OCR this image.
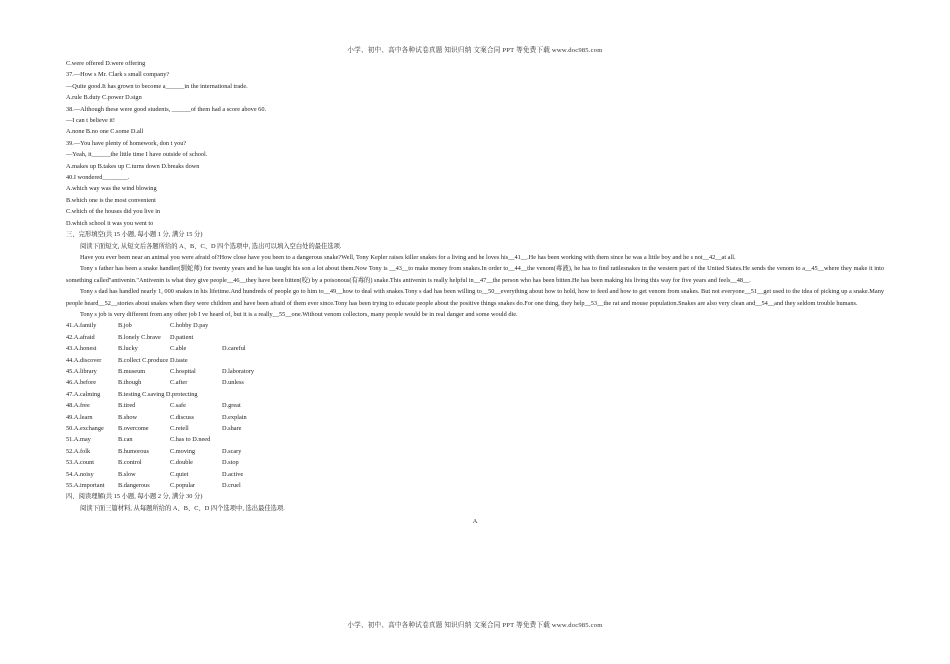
小学、初中、高中各种试卷真题 知识归纳 文案合同 PPT 等免费下载 www.doc985.com
C.were offered D.were offering
37.—How s Mr. Clark s small company?
—Quite good.It has grown to become a______in the international trade.
A.rule B.duty C.power D.sign
38.—Although these were good students, ______of them had a score above 60.
—I can t believe it!
A.none B.no one C.some D.all
39.—You have plenty of homework, don t you?
—Yeah, it______the little time I have outside of school.
A.makes up B.takes up C.turns down D.breaks down
40.I wondered________.
A.which way was the wind blowing
B.which one is the most convenient
C.which of the houses did you live in
D.which school it was you went to
三、完形填空(共 15 小题, 每小题 1 分, 满分 15 分)
阅读下面短文, 从短文后各题所给的 A、B、C、D 四个选项中, 选出可以填入空白处的最佳选项.
Have you ever been near an animal you were afraid of?How close have you been to a dangerous snake?Well, Tony Kepler raises killer snakes for a living and he loves his__41__.He has been working with them since he was a little boy and he s not__42__at all.
Tony s father has been a snake handler(驯蛇师) for twenty years and he has taught his son a lot about them.Now Tony is __43__to make money from snakes.In order to__44__the venom(毒液), he has to find rattlesnakes in the western part of the United States.He sends the venom to a__45__where they make it into something called"antivenin."Antivenin is what they give people__46__they have been bitten(咬) by a poisonous(有毒的) snake.This antivenin is really helpful in__47__the person who has been bitten.He has been making his living this way for five years and feels__48__.
Tony s dad has handled nearly 1, 000 snakes in his lifetime.And hundreds of people go to him to__49__how to deal with snakes.Tony s dad has been willing to__50__everything about how to hold, how to feed and how to get venom from snakes. But not everyone__51__get used to the idea of picking up a snake.Many people heard__52__stories about snakes when they were children and have been afraid of them ever since.Tony has been trying to educate people about the positive things snakes do.For one thing, they help__53__the rat and mouse population.Snakes are also very clean and__54__and they seldom trouble humans.
Tony s job is very different from any other job I ve heard of, but it is a really__55__one.Without venom collectors, many people would be in real danger and some would die.
41.A.family	B.job	C.hobby D.pay
42.A.afraid	B.lonely C.brave D.patient
43.A.honest	B.lucky	C.able	D.careful
44.A.discover	B.collect C.produce D.taste
45.A.library	B.museum	C.hospital	D.laboratory
46.A.before	B.though	C.after	D.unless
47.A.calming	B.testing C.saving D.protecting
48.A.free	B.tired	C.safe	D.great
49.A.learn	B.show	C.discuss	D.explain
50.A.exchange B.overcome	C.retell	D.share
51.A.may	B.can	C.has to D.need
52.A.folk	B.humorous	C.moving	D.scary
53.A.count	B.control	C.double	D.stop
54.A.noisy	B.slow	C.quiet	D.active
55.A.important B.dangerous	C.popular	D.cruel
四、阅读理解(共 15 小题, 每小题 2 分, 满分 30 分)
阅读下面三篇材料, 从每题所给的 A、B、C、D 四个选项中, 选出最佳选项.
A
小学、初中、高中各种试卷真题 知识归纳 文案合同 PPT 等免费下载 www.doc985.com
